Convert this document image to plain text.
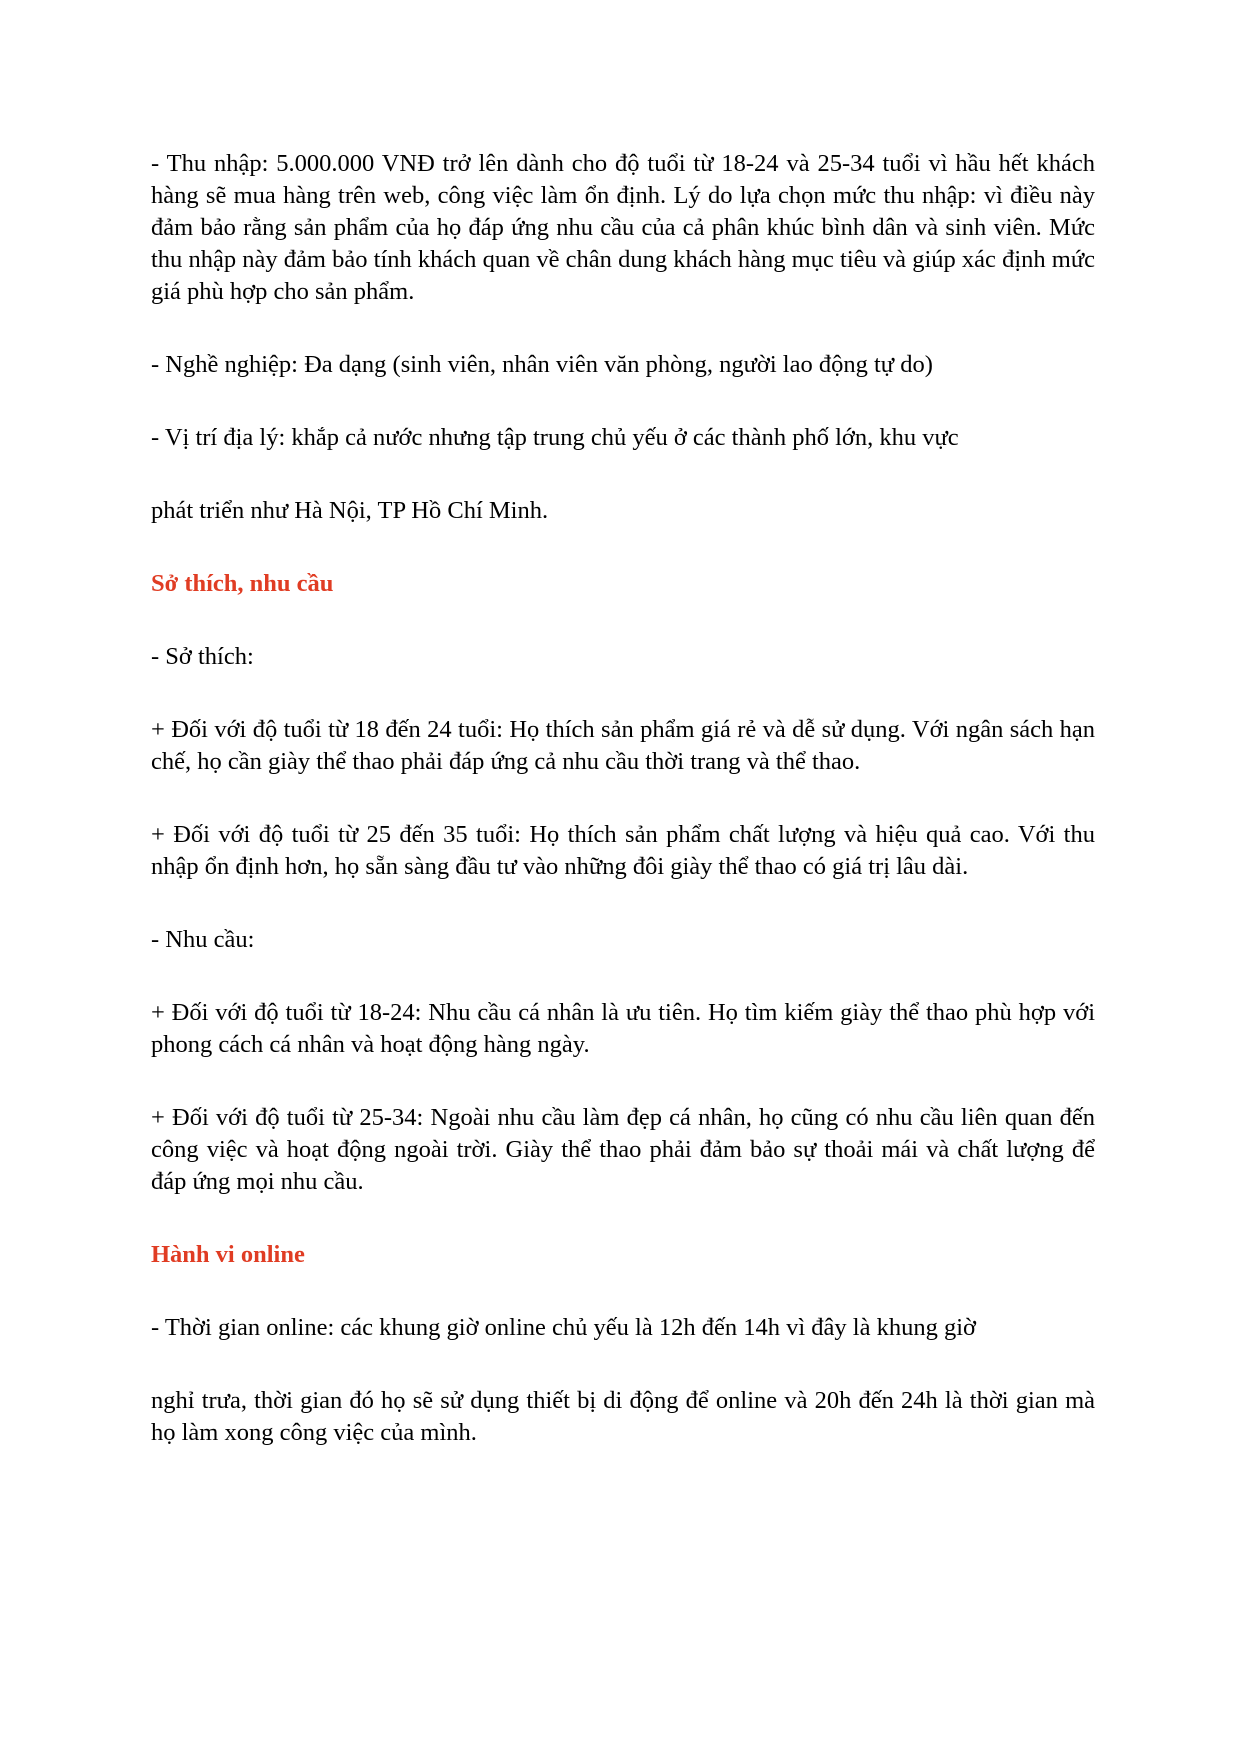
- Thu nhập: 5.000.000 VNĐ trở lên dành cho độ tuổi từ 18-24 và 25-34 tuổi vì hầu hết khách hàng sẽ mua hàng trên web, công việc làm ổn định. Lý do lựa chọn mức thu nhập: vì điều này đảm bảo rằng sản phẩm của họ đáp ứng nhu cầu của cả phân khúc bình dân và sinh viên. Mức thu nhập này đảm bảo tính khách quan về chân dung khách hàng mục tiêu và giúp xác định mức giá phù hợp cho sản phẩm.

- Nghề nghiệp: Đa dạng (sinh viên, nhân viên văn phòng, người lao động tự do)

- Vị trí địa lý: khắp cả nước nhưng tập trung chủ yếu ở các thành phố lớn, khu vực

phát triển như Hà Nội, TP Hồ Chí Minh.

Sở thích, nhu cầu

- Sở thích:

+ Đối với độ tuổi từ 18 đến 24 tuổi: Họ thích sản phẩm giá rẻ và dễ sử dụng. Với ngân sách hạn chế, họ cần giày thể thao phải đáp ứng cả nhu cầu thời trang và thể thao.

+ Đối với độ tuổi từ 25 đến 35 tuổi: Họ thích sản phẩm chất lượng và hiệu quả cao. Với thu nhập ổn định hơn, họ sẵn sàng đầu tư vào những đôi giày thể thao có giá trị lâu dài.

- Nhu cầu:

+ Đối với độ tuổi từ 18-24: Nhu cầu cá nhân là ưu tiên. Họ tìm kiếm giày thể thao phù hợp với phong cách cá nhân và hoạt động hàng ngày.

+ Đối với độ tuổi từ 25-34: Ngoài nhu cầu làm đẹp cá nhân, họ cũng có nhu cầu liên quan đến công việc và hoạt động ngoài trời. Giày thể thao phải đảm bảo sự thoải mái và chất lượng để đáp ứng mọi nhu cầu.

Hành vi online

- Thời gian online: các khung giờ online chủ yếu là 12h đến 14h vì đây là khung giờ

nghỉ trưa, thời gian đó họ sẽ sử dụng thiết bị di động để online và 20h đến 24h là thời gian mà họ làm xong công việc của mình.
